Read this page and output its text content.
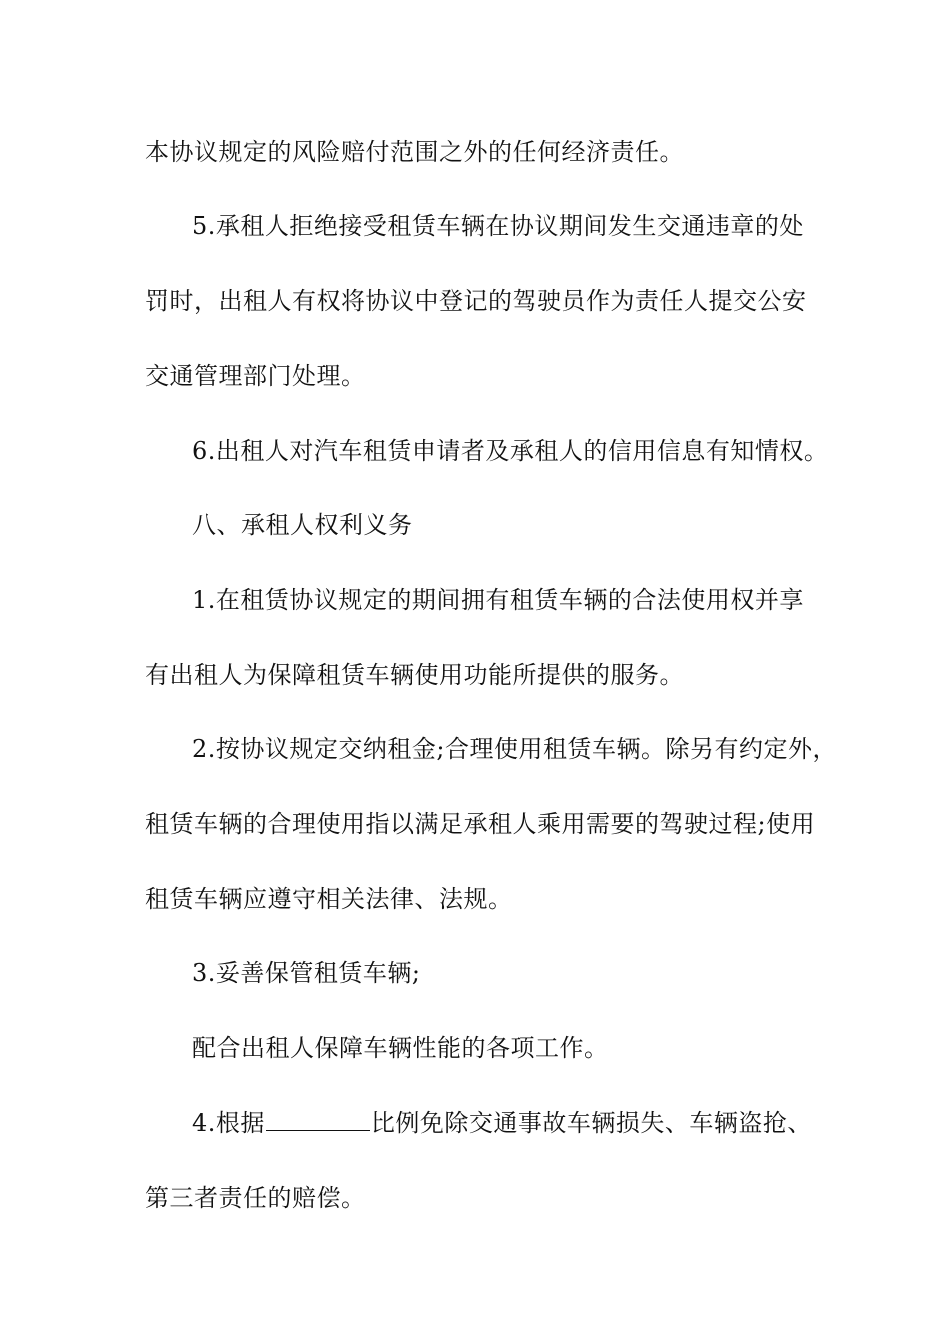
本协议规定的风险赔付范围之外的任何经济责任。
5.承租人拒绝接受租赁车辆在协议期间发生交通违章的处
罚时，出租人有权将协议中登记的驾驶员作为责任人提交公安
交通管理部门处理。
6.出租人对汽车租赁申请者及承租人的信用信息有知情权。
八、承租人权利义务
1.在租赁协议规定的期间拥有租赁车辆的合法使用权并享
有出租人为保障租赁车辆使用功能所提供的服务。
2.按协议规定交纳租金;合理使用租赁车辆。除另有约定外，
租赁车辆的合理使用指以满足承租人乘用需要的驾驶过程;使用
租赁车辆应遵守相关法律、法规。
3.妥善保管租赁车辆;
配合出租人保障车辆性能的各项工作。
4.根据	比例免除交通事故车辆损失、车辆盗抢、
第三者责任的赔偿。
